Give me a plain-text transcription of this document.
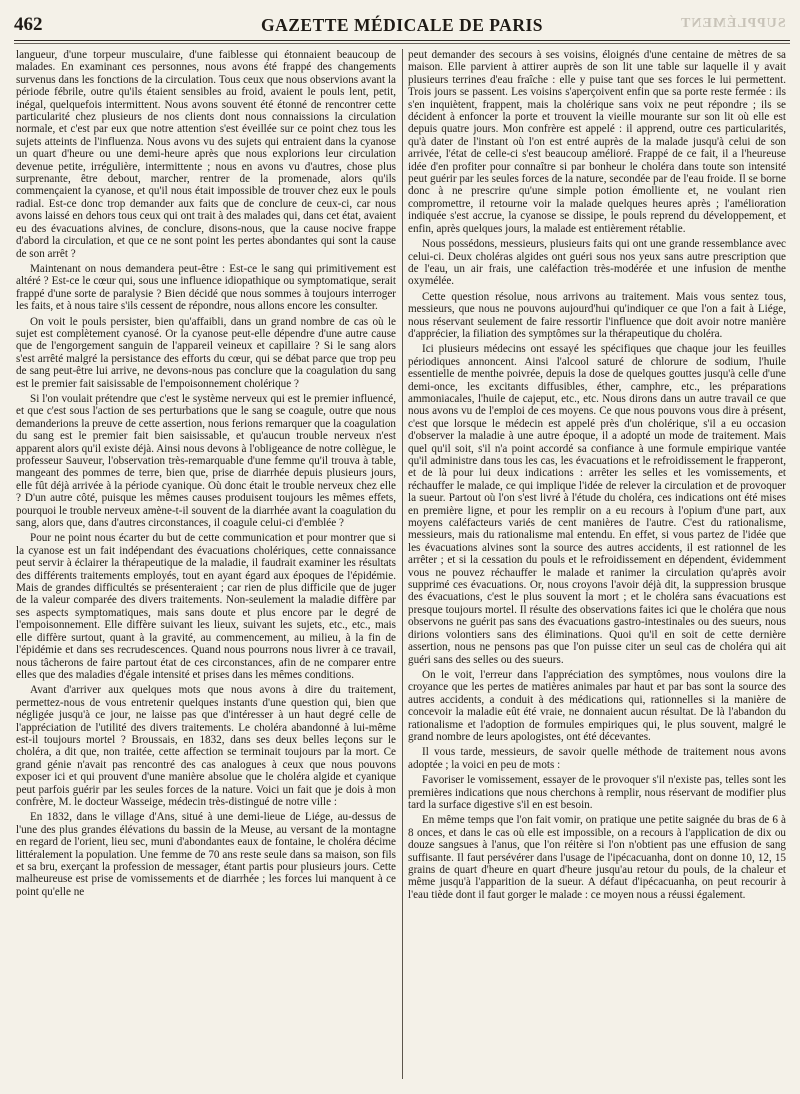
462	GAZETTE MÉDICALE DE PARIS	SUPPLÉMENT

langueur, d'une torpeur musculaire, d'une faiblesse qui étonnaient beaucoup de malades. En examinant ces personnes, nous avons été frappé des changements survenus dans les fonctions de la circulation. Tous ceux que nous observions avant la période fébrile, outre qu'ils étaient sensibles au froid, avaient le pouls lent, petit, inégal, quelquefois intermittent. Nous avons souvent été étonné de rencontrer cette particularité chez plusieurs de nos clients dont nous connaissions la circulation normale, et c'est par eux que notre attention s'est éveillée sur ce point chez tous les sujets atteints de l'influenza. Nous avons vu des sujets qui entraient dans la cyanose un quart d'heure ou une demi-heure après que nous explorions leur circulation devenue petite, irrégulière, intermittente ; nous en avons vu d'autres, chose plus surprenante, être debout, marcher, rentrer de la promenade, alors qu'ils commençaient la cyanose, et qu'il nous était impossible de trouver chez eux le pouls radial. Est-ce donc trop demander aux faits que de conclure de ceux-ci, car nous avons laissé en dehors tous ceux qui ont trait à des malades qui, dans cet état, avaient eu des évacuations alvines, de conclure, disons-nous, que la cause nocive frappe d'abord la circulation, et que ce ne sont point les pertes abondantes qui sont la cause de son arrêt ?

Maintenant on nous demandera peut-être : Est-ce le sang qui primitivement est altéré ? Est-ce le cœur qui, sous une influence idiopathique ou symptomatique, serait frappé d'une sorte de paralysie ? Bien décidé que nous sommes à toujours interroger les faits, et à nous taire s'ils cessent de répondre, nous allons encore les consulter.

On voit le pouls persister, bien qu'affaibli, dans un grand nombre de cas où le sujet est complètement cyanosé. Or la cyanose peut-elle dépendre d'une autre cause que de l'engorgement sanguin de l'appareil veineux et capillaire ? Si le sang alors s'est arrêté malgré la persistance des efforts du cœur, qui se débat parce que trop peu de sang peut-être lui arrive, ne devons-nous pas conclure que la coagulation du sang est le premier fait saisissable de l'empoisonnement cholérique ?

Si l'on voulait prétendre que c'est le système nerveux qui est le premier influencé, et que c'est sous l'action de ses perturbations que le sang se coagule, outre que nous demanderions la preuve de cette assertion, nous ferions remarquer que la coagulation du sang est le premier fait bien saisissable, et qu'aucun trouble nerveux n'est apparent alors qu'il existe déjà. Ainsi nous devons à l'obligeance de notre collègue, le professeur Sauveur, l'observation très-remarquable d'une femme qu'il trouva à table, mangeant des pommes de terre, bien que, prise de diarrhée depuis plusieurs jours, elle fût déjà arrivée à la période cyanique. Où donc était le trouble nerveux chez elle ? D'un autre côté, puisque les mêmes causes produisent toujours les mêmes effets, pourquoi le trouble nerveux amène-t-il souvent de la diarrhée avant la coagulation du sang, alors que, dans d'autres circonstances, il coagule celui-ci d'emblée ?

Pour ne point nous écarter du but de cette communication et pour montrer que si la cyanose est un fait indépendant des évacuations cholériques, cette connaissance peut servir à éclairer la thérapeutique de la maladie, il faudrait examiner les résultats des différents traitements employés, tout en ayant égard aux époques de l'épidémie. Mais de grandes difficultés se présenteraient ; car rien de plus difficile que de juger de la valeur comparée des divers traitements. Non-seulement la maladie diffère par ses aspects symptomatiques, mais sans doute et plus encore par le degré de l'empoisonnement. Elle diffère suivant les lieux, suivant les sujets, etc., etc., mais elle diffère surtout, quant à la gravité, au commencement, au milieu, à la fin de l'épidémie et dans ses recrudescences. Quand nous pourrons nous livrer à ce travail, nous tâcherons de faire partout état de ces circonstances, afin de ne comparer entre elles que des maladies d'égale intensité et prises dans les mêmes conditions.

Avant d'arriver aux quelques mots que nous avons à dire du traitement, permettez-nous de vous entretenir quelques instants d'une question qui, bien que négligée jusqu'à ce jour, ne laisse pas que d'intéresser à un haut degré celle de l'appréciation de l'utilité des divers traitements. Le choléra abandonné à lui-même est-il toujours mortel ? Broussais, en 1832, dans ses deux belles leçons sur le choléra, a dit que, non traitée, cette affection se terminait toujours par la mort. Ce grand génie n'avait pas rencontré des cas analogues à ceux que nous pouvons exposer ici et qui prouvent d'une manière absolue que le choléra algide et cyanique peut parfois guérir par les seules forces de la nature. Voici un fait que je dois à mon confrère, M. le docteur Wasseige, médecin très-distingué de notre ville :

En 1832, dans le village d'Ans, situé à une demi-lieue de Liége, au-dessus de l'une des plus grandes élévations du bassin de la Meuse, au versant de la montagne en regard de l'orient, lieu sec, muni d'abondantes eaux de fontaine, le choléra décime littéralement la population. Une femme de 70 ans reste seule dans sa maison, son fils et sa bru, exerçant la profession de messager, étant partis pour plusieurs jours. Cette malheureuse est prise de vomissements et de diarrhée ; les forces lui manquent à ce point qu'elle ne

peut demander des secours à ses voisins, éloignés d'une centaine de mètres de sa maison. Elle parvient à attirer auprès de son lit une table sur laquelle il y avait plusieurs terrines d'eau fraîche : elle y puise tant que ses forces le lui permettent. Trois jours se passent. Les voisins s'aperçoivent enfin que sa porte reste fermée : ils s'en inquiètent, frappent, mais la cholérique sans voix ne peut répondre ; ils se décident à enfoncer la porte et trouvent la vieille mourante sur son lit où elle est depuis quatre jours. Mon confrère est appelé : il apprend, outre ces particularités, qu'à dater de l'instant où l'on est entré auprès de la malade jusqu'à celui de son arrivée, l'état de celle-ci s'est beaucoup amélioré. Frappé de ce fait, il a l'heureuse idée d'en profiter pour connaître si par bonheur le choléra dans toute son intensité peut guérir par les seules forces de la nature, secondée par de l'eau froide. Il se borne donc à ne prescrire qu'une simple potion émolliente et, ne voulant rien compromettre, il retourne voir la malade quelques heures après ; l'amélioration indiquée s'est accrue, la cyanose se dissipe, le pouls reprend du développement, et enfin, après quelques jours, la malade est entièrement rétablie.

Nous possédons, messieurs, plusieurs faits qui ont une grande ressemblance avec celui-ci. Deux choléras algides ont guéri sous nos yeux sans autre prescription que de l'eau, un air frais, une caléfaction très-modérée et une infusion de menthe oxymélée.

Cette question résolue, nous arrivons au traitement. Mais vous sentez tous, messieurs, que nous ne pouvons aujourd'hui qu'indiquer ce que l'on a fait à Liége, nous réservant seulement de faire ressortir l'influence que doit avoir notre manière d'apprécier, la filiation des symptômes sur la thérapeutique du choléra.

Ici plusieurs médecins ont essayé les spécifiques que chaque jour les feuilles périodiques annoncent. Ainsi l'alcool saturé de chlorure de sodium, l'huile essentielle de menthe poivrée, depuis la dose de quelques gouttes jusqu'à celle d'une demi-once, les excitants diffusibles, éther, camphre, etc., les préparations ammoniacales, l'huile de cajeput, etc., etc. Nous dirons dans un autre travail ce que nous avons vu de l'emploi de ces moyens. Ce que nous pouvons vous dire à présent, c'est que lorsque le médecin est appelé près d'un cholérique, s'il a eu occasion d'observer la maladie à une autre époque, il a adopté un mode de traitement. Mais quel qu'il soit, s'il n'a point accordé sa confiance à une formule empirique vantée qu'il administre dans tous les cas, les évacuations et le refroidissement le frapperont, et de là pour lui deux indications : arrêter les selles et les vomissements, et réchauffer le malade, ce qui implique l'idée de relever la circulation et de provoquer la sueur. Partout où l'on s'est livré à l'étude du choléra, ces indications ont été mises en première ligne, et pour les remplir on a eu recours à l'opium d'une part, aux moyens caléfacteurs variés de cent manières de l'autre. C'est du rationalisme, messieurs, mais du rationalisme mal entendu. En effet, si vous partez de l'idée que les évacuations alvines sont la source des autres accidents, il est rationnel de les arrêter ; et si la cessation du pouls et le refroidissement en dépendent, évidemment vous ne pouvez réchauffer le malade et ranimer la circulation qu'après avoir supprimé ces évacuations. Or, nous croyons l'avoir déjà dit, la suppression brusque des évacuations, c'est le plus souvent la mort ; et le choléra sans évacuations est presque toujours mortel. Il résulte des observations faites ici que le choléra que nous observons ne guérit pas sans des évacuations gastro-intestinales ou des sueurs, nous dirions volontiers sans des éliminations. Quoi qu'il en soit de cette dernière assertion, nous ne pensons pas que l'on puisse citer un seul cas de choléra qui ait guéri sans des selles ou des sueurs.

On le voit, l'erreur dans l'appréciation des symptômes, nous voulons dire la croyance que les pertes de matières animales par haut et par bas sont la source des autres accidents, a conduit à des médications qui, rationnelles si la manière de concevoir la maladie eût été vraie, ne donnaient aucun résultat. De là l'abandon du rationalisme et l'adoption de formules empiriques qui, le plus souvent, malgré le grand nombre de leurs apologistes, ont été décevantes.

Il vous tarde, messieurs, de savoir quelle méthode de traitement nous avons adoptée ; la voici en peu de mots :

Favoriser le vomissement, essayer de le provoquer s'il n'existe pas, telles sont les premières indications que nous cherchons à remplir, nous réservant de modifier plus tard la surface digestive s'il en est besoin.

En même temps que l'on fait vomir, on pratique une petite saignée du bras de 6 à 8 onces, et dans le cas où elle est impossible, on a recours à l'application de dix ou douze sangsues à l'anus, que l'on réitère si l'on n'obtient pas une effusion de sang suffisante. Il faut persévérer dans l'usage de l'ipécacuanha, dont on donne 10, 12, 15 grains de quart d'heure en quart d'heure jusqu'au retour du pouls, de la chaleur et même jusqu'à l'apparition de la sueur. A défaut d'ipécacuanha, on peut recourir à l'eau tiède dont il faut gorger le malade : ce moyen nous a réussi également.
